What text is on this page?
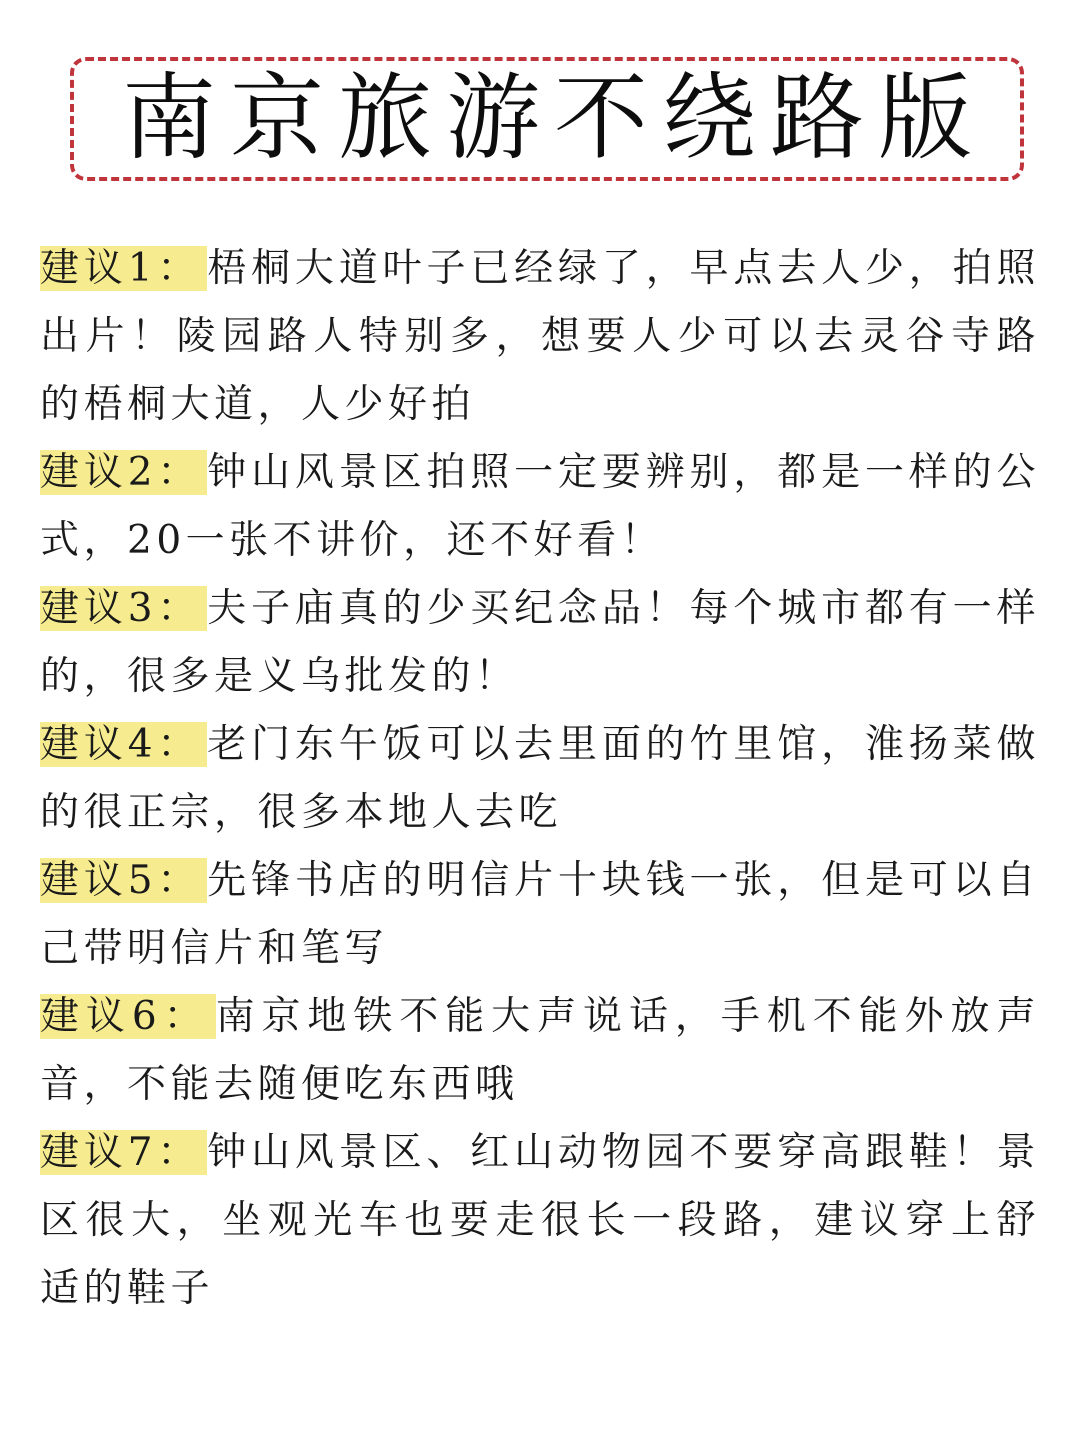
南京旅游不绕路版

建议1： 梧桐大道叶子已经绿了，早点去人少，拍照出片！陵园路人特别多，想要人少可以去灵谷寺路的梧桐大道，人少好拍

建议2： 钟山风景区拍照一定要辨别，都是一样的公式，20一张不讲价，还不好看！

建议3： 夫子庙真的少买纪念品！每个城市都有一样的，很多是义乌批发的！

建议4： 老门东午饭可以去里面的竹里馆，淮扬菜做的很正宗，很多本地人去吃

建议5： 先锋书店的明信片十块钱一张，但是可以自己带明信片和笔写

建议6： 南京地铁不能大声说话，手机不能外放声音，不能去随便吃东西哦

建议7： 钟山风景区、红山动物园不要穿高跟鞋！景区很大，坐观光车也要走很长一段路，建议穿上舒适的鞋子
